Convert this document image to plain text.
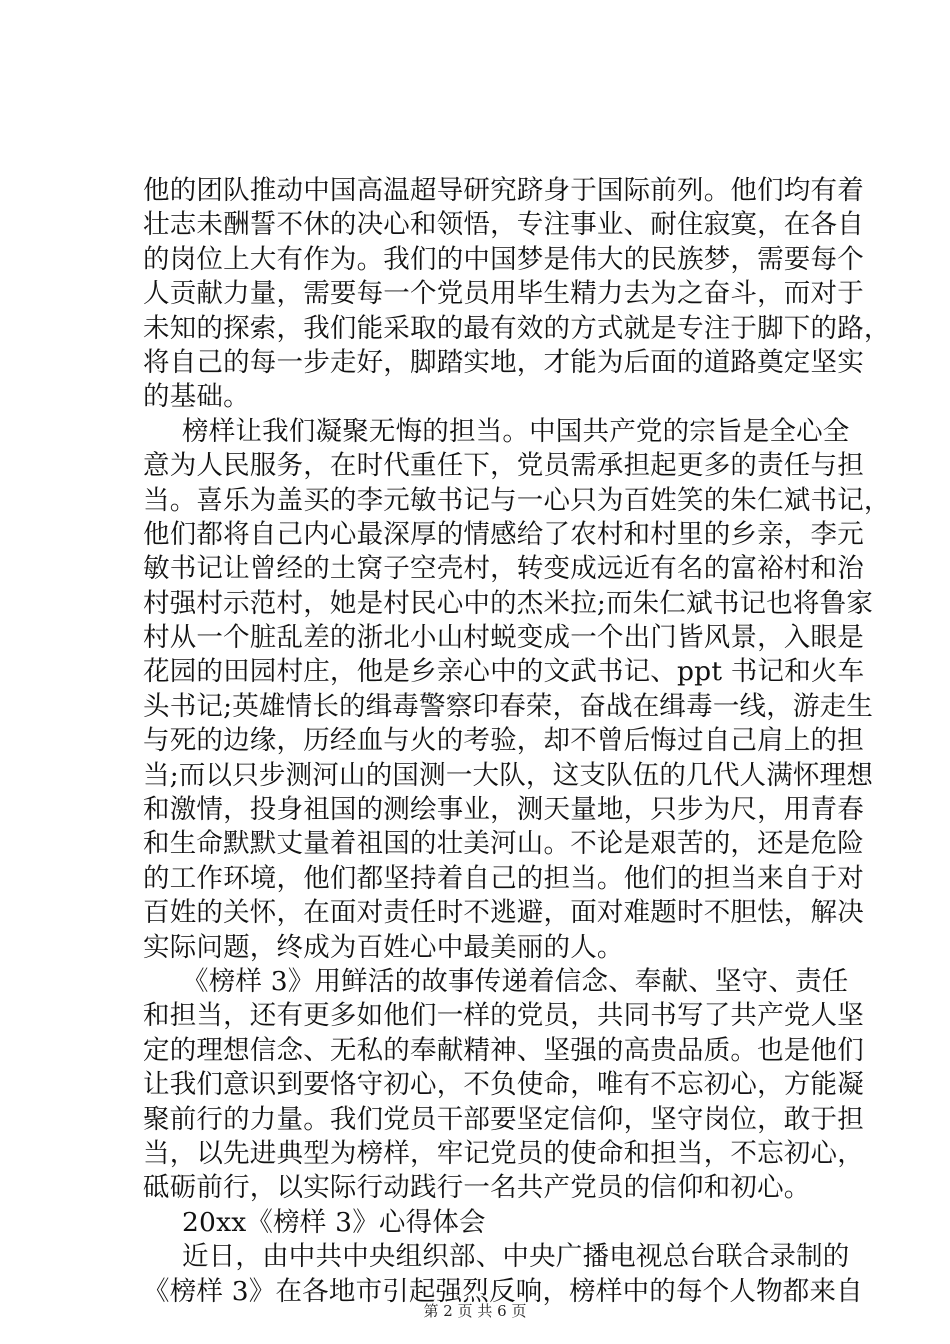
他的团队推动中国高温超导研究跻身于国际前列。他们均有着
壮志未酬誓不休的决心和领悟，专注事业、耐住寂寞，在各自
的岗位上大有作为。我们的中国梦是伟大的民族梦，需要每个
人贡献力量，需要每一个党员用毕生精力去为之奋斗，而对于
未知的探索，我们能采取的最有效的方式就是专注于脚下的路，
将自己的每一步走好，脚踏实地，才能为后面的道路奠定坚实
的基础。
榜样让我们凝聚无悔的担当。中国共产党的宗旨是全心全
意为人民服务，在时代重任下，党员需承担起更多的责任与担
当。喜乐为盖买的李元敏书记与一心只为百姓笑的朱仁斌书记，
他们都将自己内心最深厚的情感给了农村和村里的乡亲，李元
敏书记让曾经的土窝子空壳村，转变成远近有名的富裕村和治
村强村示范村，她是村民心中的杰米拉;而朱仁斌书记也将鲁家
村从一个脏乱差的浙北小山村蜕变成一个出门皆风景，入眼是
花园的田园村庄，他是乡亲心中的文武书记、ppt 书记和火车
头书记;英雄情长的缉毒警察印春荣，奋战在缉毒一线，游走生
与死的边缘，历经血与火的考验，却不曾后悔过自己肩上的担
当;而以只步测河山的国测一大队，这支队伍的几代人满怀理想
和激情，投身祖国的测绘事业，测天量地，只步为尺，用青春
和生命默默丈量着祖国的壮美河山。不论是艰苦的，还是危险
的工作环境，他们都坚持着自己的担当。他们的担当来自于对
百姓的关怀，在面对责任时不逃避，面对难题时不胆怯，解决
实际问题，终成为百姓心中最美丽的人。
《榜样 3》用鲜活的故事传递着信念、奉献、坚守、责任
和担当，还有更多如他们一样的党员，共同书写了共产党人坚
定的理想信念、无私的奉献精神、坚强的高贵品质。也是他们
让我们意识到要恪守初心，不负使命，唯有不忘初心，方能凝
聚前行的力量。我们党员干部要坚定信仰，坚守岗位，敢于担
当，以先进典型为榜样，牢记党员的使命和担当，不忘初心，
砥砺前行，以实际行动践行一名共产党员的信仰和初心。
20xx《榜样 3》心得体会
近日，由中共中央组织部、中央广播电视总台联合录制的
《榜样 3》在各地市引起强烈反响，榜样中的每个人物都来自
第 2 页 共 6 页
